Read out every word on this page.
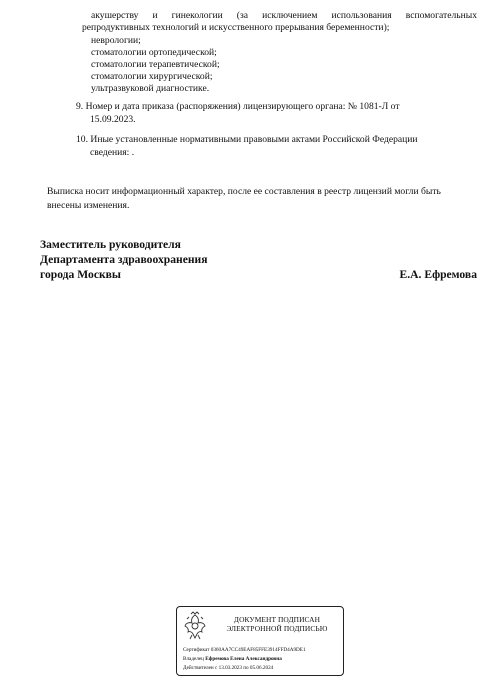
акушерству и гинекологии (за исключением использования вспомогательных
репродуктивных технологий и искусственного прерывания беременности);
неврологии;
стоматологии ортопедической;
стоматологии терапевтической;
стоматологии хирургической;
ультразвуковой диагностике.
9. Номер и дата приказа (распоряжения) лицензирующего органа: № 1081-Л от
15.09.2023.
10. Иные установленные нормативными правовыми актами Российской Федерации
сведения: .
Выписка носит информационный характер, после ее составления в реестр лицензий могли быть
внесены изменения.
Заместитель руководителя
Департамента здравоохранения
города Москвы	Е.А. Ефремова
ДОКУМЕНТ ПОДПИСАН
ЭЛЕКТРОННОЙ ПОДПИСЬЮ
Сертификат 0360AA7CC49EAF85FFE3914FFD4A9DE1
Владелец Ефремова Елена Александровна
Действителен с 13.03.2023 по 05.06.2024
